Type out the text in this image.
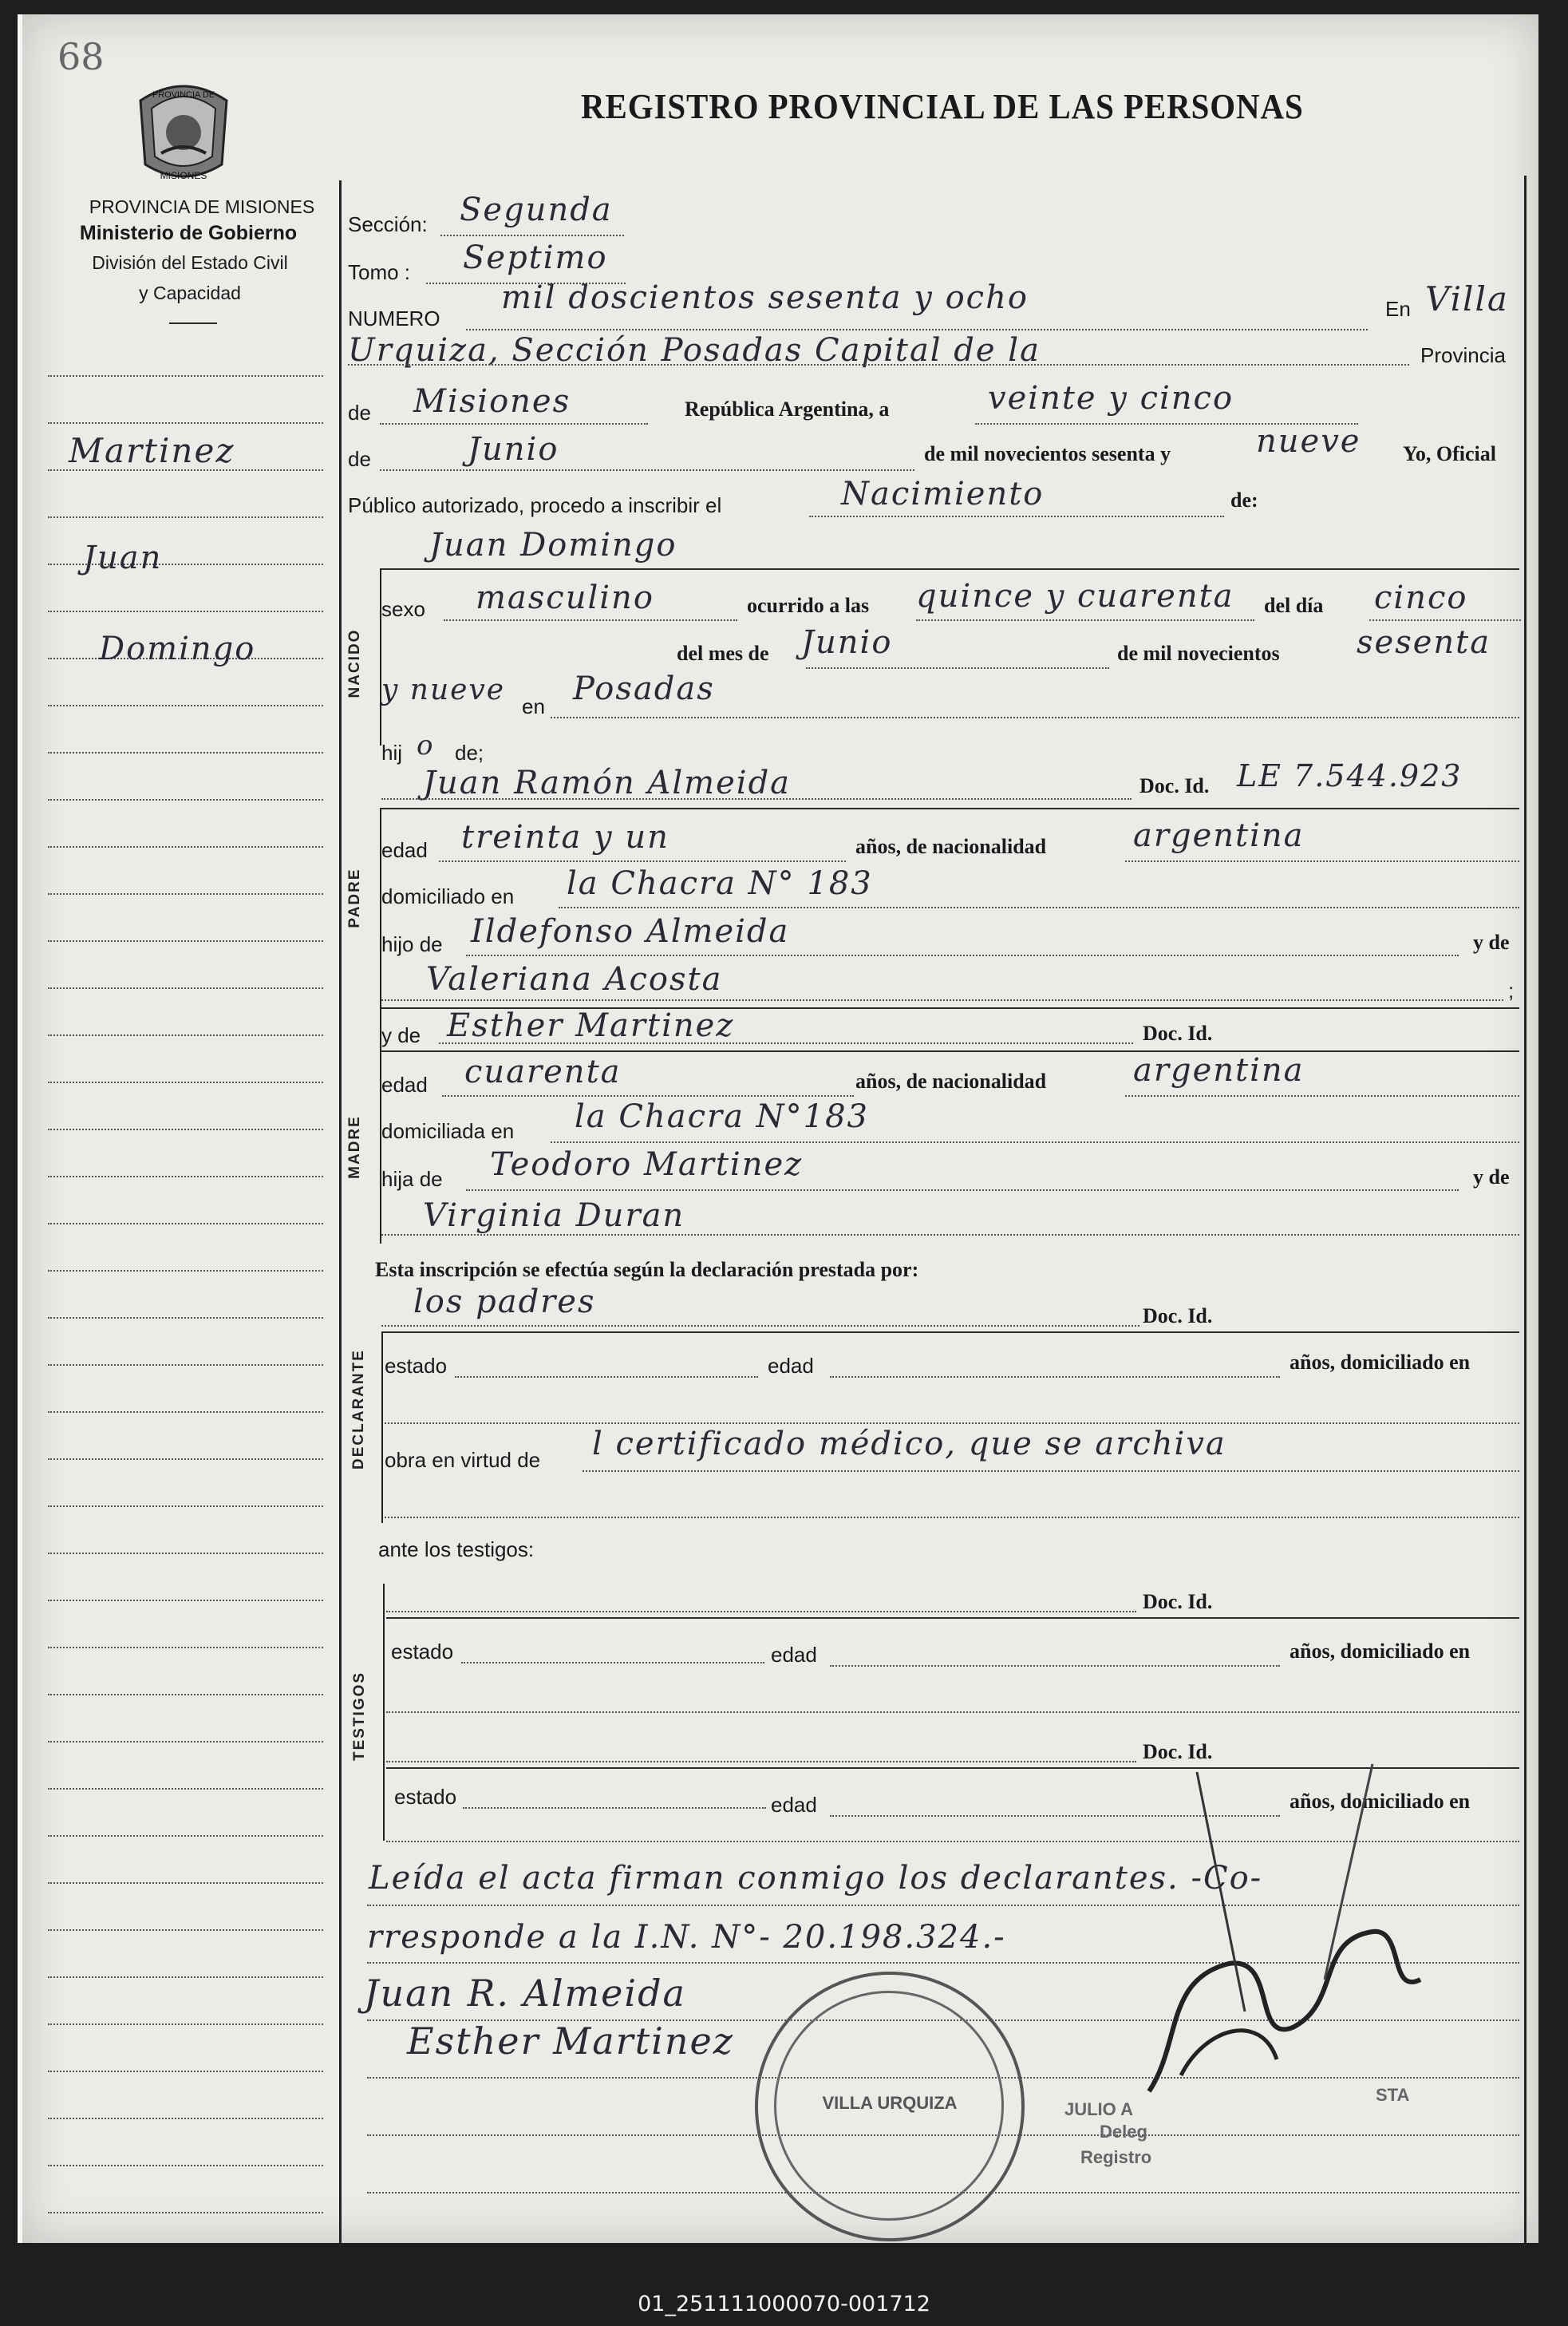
68
PROVINCIA DE
MISIONES
PROVINCIA DE MISIONES
Ministerio de Gobierno
División del Estado Civil
y Capacidad
REGISTRO PROVINCIAL DE LAS PERSONAS
Martinez
Juan
Domingo
Sección: Segunda
Tomo : Septimo
NUMERO
mil doscientos sesenta y ocho	En Villa
Urquiza, Sección Posadas Capital de la	Provincia
de Misiones	República Argentina, a	veinte y cinco
de	Junio	de mil novecientos sesenta y	nueve Yo, Oficial
Público autorizado, procedo a inscribir el	Nacimiento	de:
Juan Domingo
NACIDO
sexo masculino	ocurrido a las quince y cuarenta del día cinco
del mes de Junio	de mil novecientos sesenta
y nueve en Posadas
hij o de;
Juan Ramón Almeida	Doc. Id. LE 7.544.923
PADRE
edad treinta y un	años, de nacionalidad	argentina
domiciliado en la Chacra N° 183
hijo de Ildefonso Almeida	y de
Valeriana Acosta	;
y de Esther Martinez	Doc. Id.
MADRE
edad cuarenta	años, de nacionalidad	argentina
domiciliada en la Chacra N°183
hija de Teodoro Martinez	y de
Virginia Duran
Esta inscripción se efectúa según la declaración prestada por:
los padres	Doc. Id.
DECLARANTE estado	edad	años, domiciliado en
obra en virtud de l certificado médico, que se archiva
ante los testigos:
TESTIGOS
Doc. Id.
estado	edad	años, domiciliado en
Doc. Id.
estado	edad	años, domiciliado en
Leída el acta firman conmigo los declarantes. -Co-
rresponde a la I.N. N°- 20.198.324.-
Juan R. Almeida
Esther Martinez
VILLA URQUIZA	JULIO A
Deleg
Registro
STA
01_251111000070-001712
